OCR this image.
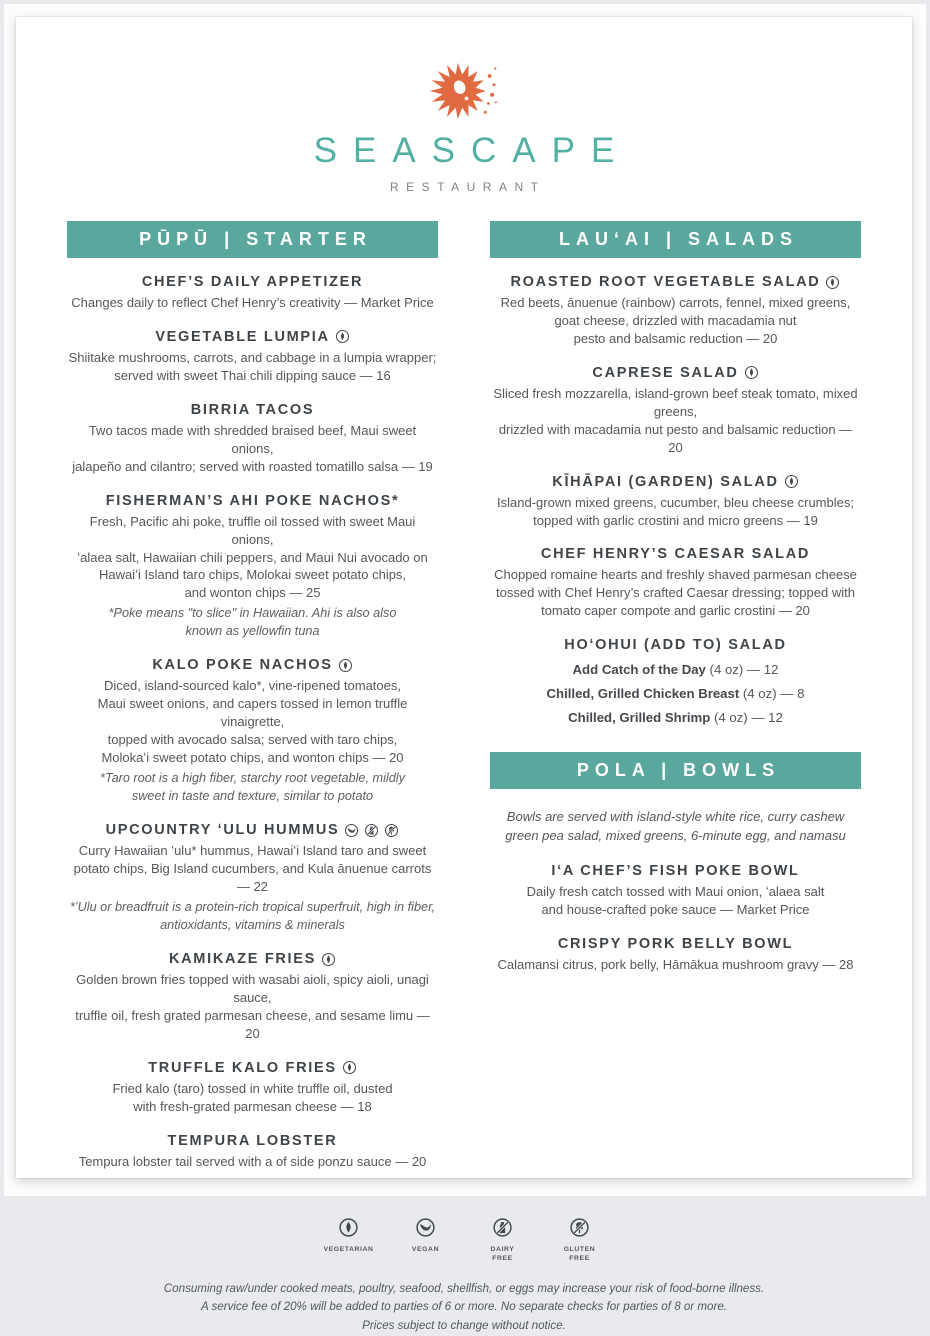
SEASCAPE
RESTAURANT
PŪPŪ | STARTER
CHEF’S DAILY APPETIZER
Changes daily to reflect Chef Henry’s creativity — Market Price
VEGETABLE LUMPIA
Shiitake mushrooms, carrots, and cabbage in a lumpia wrapper;
served with sweet Thai chili dipping sauce — 16
BIRRIA TACOS
Two tacos made with shredded braised beef, Maui sweet onions,
jalapeño and cilantro; served with roasted tomatillo salsa — 19
FISHERMAN’S AHI POKE NACHOS*
Fresh, Pacific ahi poke, truffle oil tossed with sweet Maui onions,
ʻalaea salt, Hawaiian chili peppers, and Maui Nui avocado on
Hawaiʻi Island taro chips, Molokai sweet potato chips,
and wonton chips — 25
*Poke means "to slice" in Hawaiian. Ahi is also also
known as yellowfin tuna
KALO POKE NACHOS
Diced, island-sourced kalo*, vine-ripened tomatoes,
Maui sweet onions, and capers tossed in lemon truffle vinaigrette,
topped with avocado salsa; served with taro chips,
Molokaʻi sweet potato chips, and wonton chips — 20
*Taro root is a high fiber, starchy root vegetable, mildly
sweet in taste and texture, similar to potato
UPCOUNTRY ʻULU HUMMUS
Curry Hawaiian ʻulu* hummus, Hawaiʻi Island taro and sweet
potato chips, Big Island cucumbers, and Kula ānuenue carrots — 22
*ʻUlu or breadfruit is a protein-rich tropical superfruit, high in fiber,
antioxidants, vitamins & minerals
KAMIKAZE FRIES
Golden brown fries topped with wasabi aioli, spicy aioli, unagi sauce,
truffle oil, fresh grated parmesan cheese, and sesame limu — 20
TRUFFLE KALO FRIES
Fried kalo (taro) tossed in white truffle oil, dusted
with fresh-grated parmesan cheese — 18
TEMPURA LOBSTER
Tempura lobster tail served with a of side ponzu sauce — 20
LAUʻAI | SALADS
ROASTED ROOT VEGETABLE SALAD
Red beets, ānuenue (rainbow) carrots, fennel, mixed greens,
goat cheese, drizzled with macadamia nut
pesto and balsamic reduction — 20
CAPRESE SALAD
Sliced fresh mozzarella, island-grown beef steak tomato, mixed greens,
drizzled with macadamia nut pesto and balsamic reduction — 20
KĪHĀPAI (GARDEN) SALAD
Island-grown mixed greens, cucumber, bleu cheese crumbles;
topped with garlic crostini and micro greens — 19
CHEF HENRY’S CAESAR SALAD
Chopped romaine hearts and freshly shaved parmesan cheese
tossed with Chef Henry’s crafted Caesar dressing; topped with
tomato caper compote and garlic crostini — 20
HOʻOHUI (ADD TO) SALAD
Add Catch of the Day (4 oz) — 12
Chilled, Grilled Chicken Breast (4 oz) — 8
Chilled, Grilled Shrimp (4 oz) — 12
POLA | BOWLS
Bowls are served with island-style white rice, curry cashew
green pea salad, mixed greens, 6-minute egg, and namasu
IʻA CHEF’S FISH POKE BOWL
Daily fresh catch tossed with Maui onion, ʻalaea salt
and house-crafted poke sauce — Market Price
CRISPY PORK BELLY BOWL
Calamansi citrus, pork belly, Hāmākua mushroom gravy — 28
VEGETARIAN	VEGAN	DAIRY
FREE
GLUTEN
FREE
Consuming raw/under cooked meats, poultry, seafood, shellfish, or eggs may increase your risk of food-borne illness.
A service fee of 20% will be added to parties of 6 or more. No separate checks for parties of 8 or more.
Prices subject to change without notice.
